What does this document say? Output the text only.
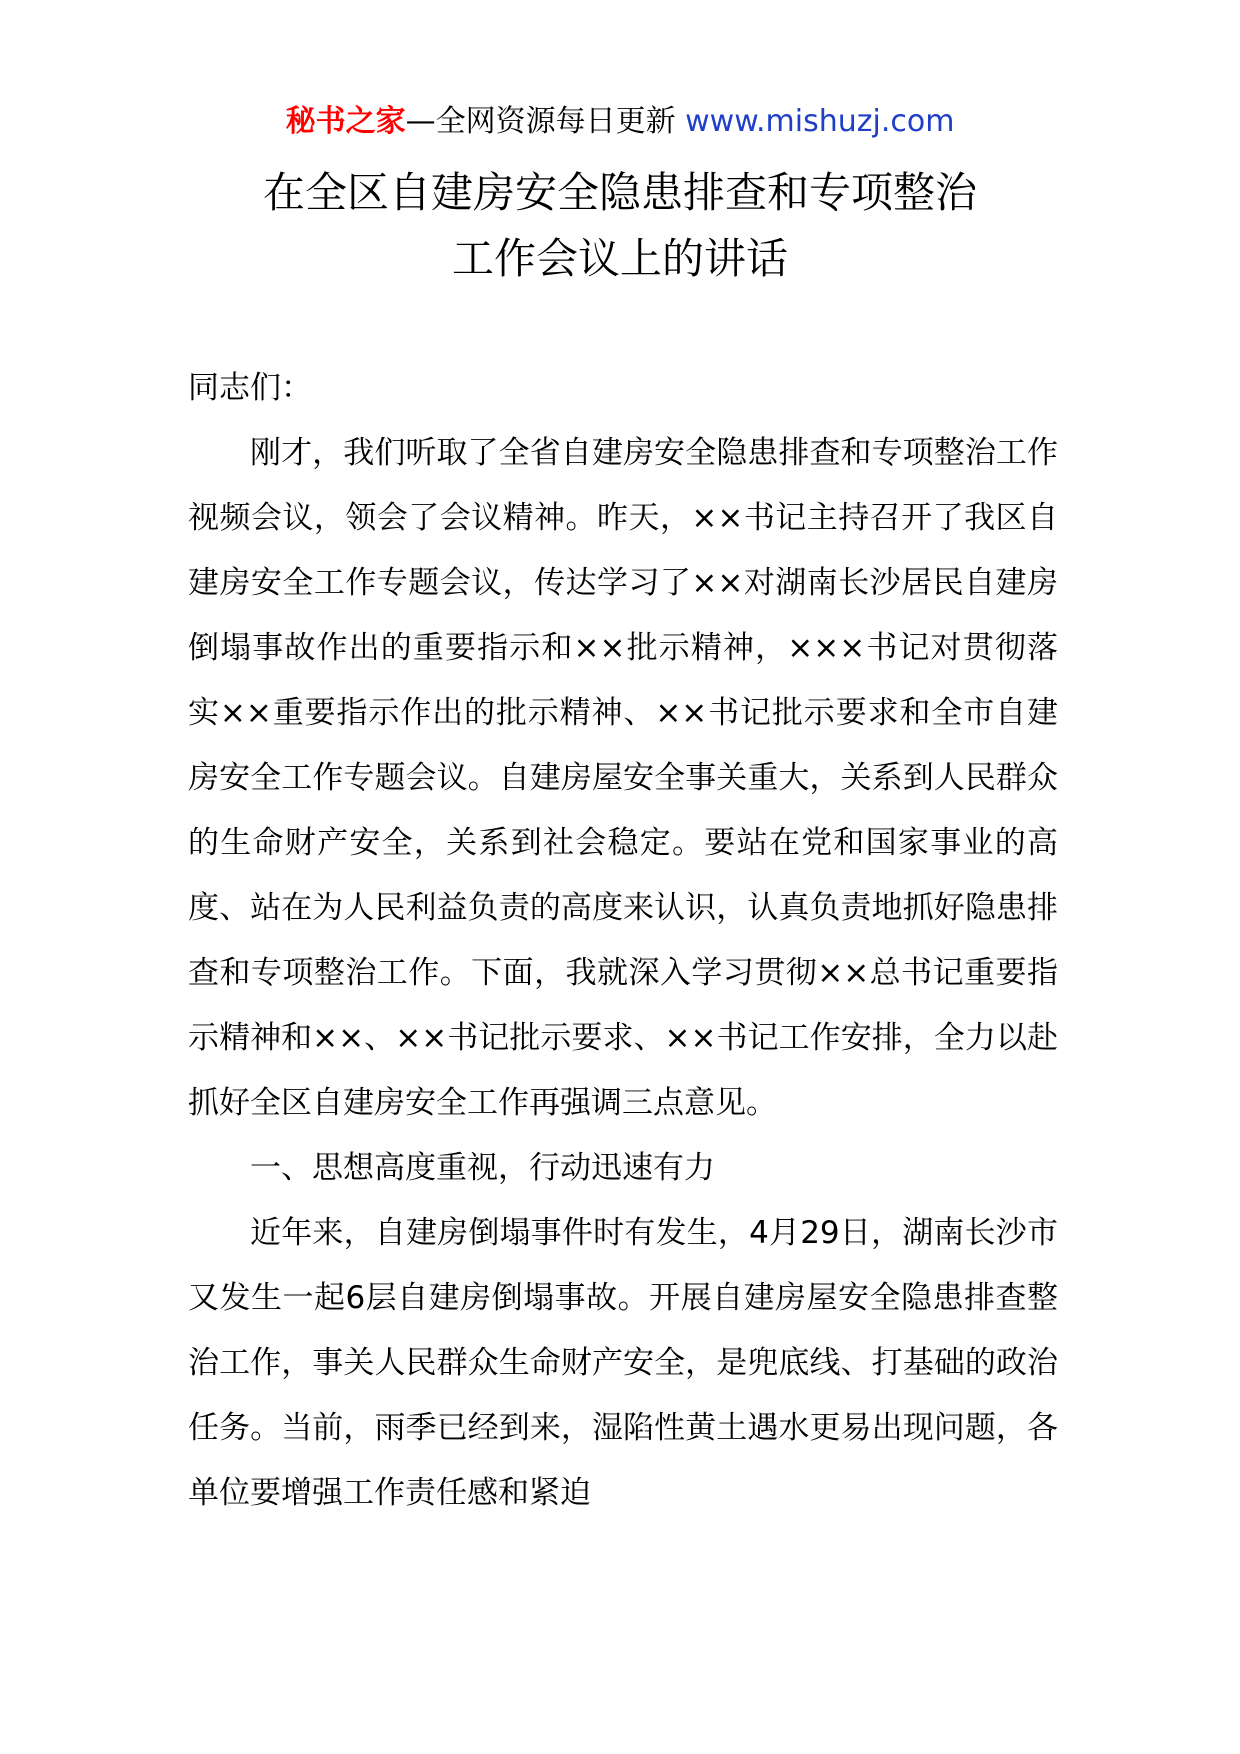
秘书之家—全网资源每日更新 www.mishuzj.com
在全区自建房安全隐患排查和专项整治
工作会议上的讲话

同志们：

刚才，我们听取了全省自建房安全隐患排查和专项整治工作视频会议，领会了会议精神。昨天，××书记主持召开了我区自建房安全工作专题会议，传达学习了××对湖南长沙居民自建房倒塌事故作出的重要指示和××批示精神，×××书记对贯彻落实××重要指示作出的批示精神、××书记批示要求和全市自建房安全工作专题会议。自建房屋安全事关重大，关系到人民群众的生命财产安全，关系到社会稳定。要站在党和国家事业的高度、站在为人民利益负责的高度来认识，认真负责地抓好隐患排查和专项整治工作。下面，我就深入学习贯彻××总书记重要指示精神和××、××书记批示要求、××书记工作安排，全力以赴抓好全区自建房安全工作再强调三点意见。

一、思想高度重视，行动迅速有力

近年来，自建房倒塌事件时有发生，4月29日，湖南长沙市又发生一起6层自建房倒塌事故。开展自建房屋安全隐患排查整治工作，事关人民群众生命财产安全，是兜底线、打基础的政治任务。当前，雨季已经到来，湿陷性黄土遇水更易出现问题，各单位要增强工作责任感和紧迫
